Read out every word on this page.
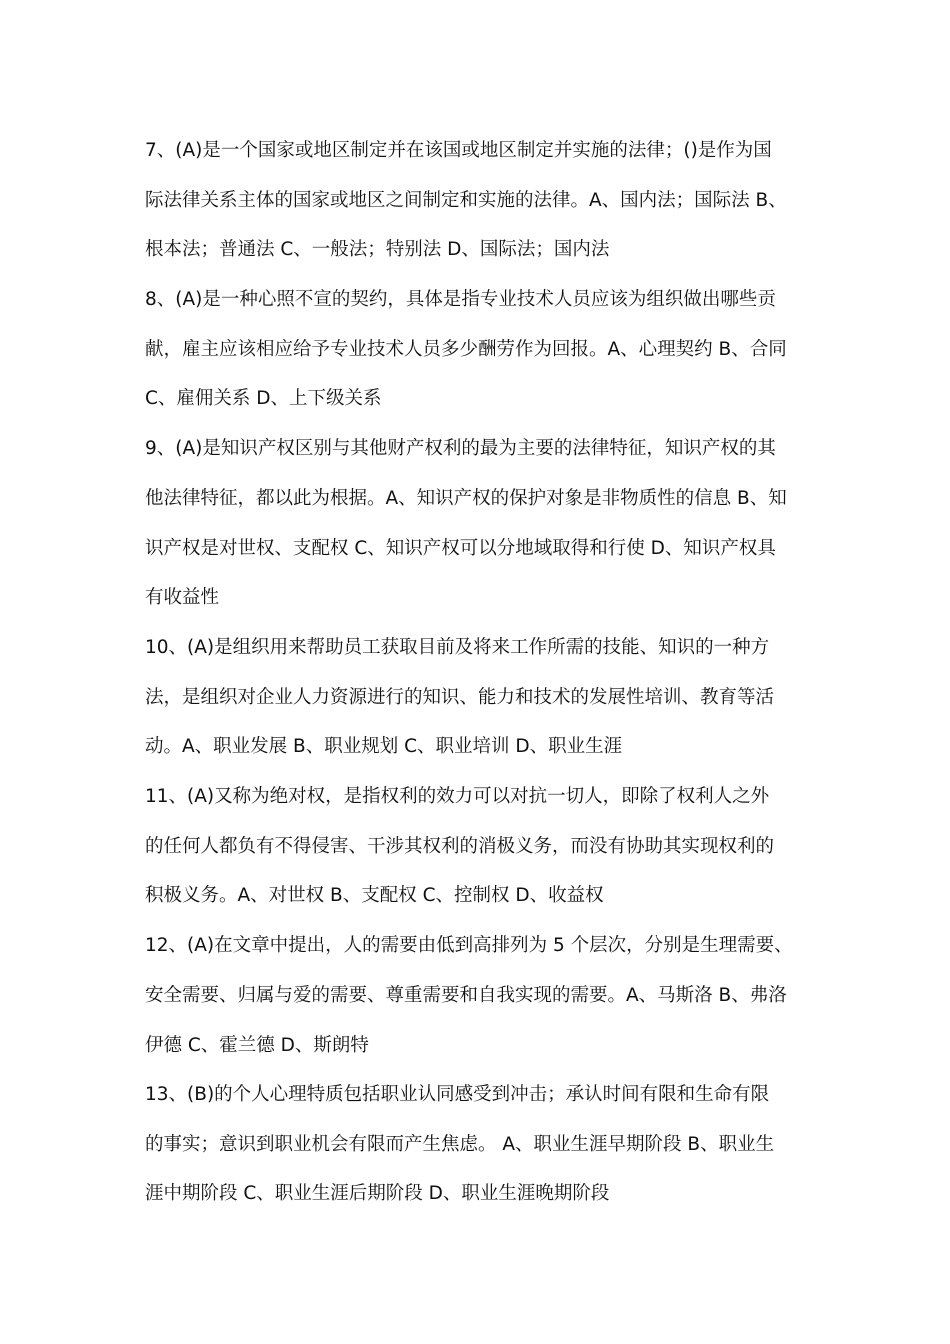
7、(A)是一个国家或地区制定并在该国或地区制定并实施的法律；()是作为国
际法律关系主体的国家或地区之间制定和实施的法律。A、国内法；国际法 B、
根本法；普通法 C、一般法；特别法 D、国际法；国内法
8、(A)是一种心照不宣的契约，具体是指专业技术人员应该为组织做出哪些贡
献，雇主应该相应给予专业技术人员多少酬劳作为回报。A、心理契约 B、合同
C、雇佣关系 D、上下级关系
9、(A)是知识产权区别与其他财产权利的最为主要的法律特征，知识产权的其
他法律特征，都以此为根据。A、知识产权的保护对象是非物质性的信息 B、知
识产权是对世权、支配权 C、知识产权可以分地域取得和行使 D、知识产权具
有收益性
10、(A)是组织用来帮助员工获取目前及将来工作所需的技能、知识的一种方
法，是组织对企业人力资源进行的知识、能力和技术的发展性培训、教育等活
动。A、职业发展 B、职业规划 C、职业培训 D、职业生涯
11、(A)又称为绝对权，是指权利的效力可以对抗一切人，即除了权利人之外
的任何人都负有不得侵害、干涉其权利的消极义务，而没有协助其实现权利的
积极义务。A、对世权 B、支配权 C、控制权 D、收益权
12、(A)在文章中提出，人的需要由低到高排列为 5 个层次，分别是生理需要、
安全需要、归属与爱的需要、尊重需要和自我实现的需要。A、马斯洛 B、弗洛
伊德 C、霍兰德 D、斯朗特
13、(B)的个人心理特质包括职业认同感受到冲击；承认时间有限和生命有限
的事实；意识到职业机会有限而产生焦虑。 A、职业生涯早期阶段 B、职业生
涯中期阶段 C、职业生涯后期阶段 D、职业生涯晚期阶段
